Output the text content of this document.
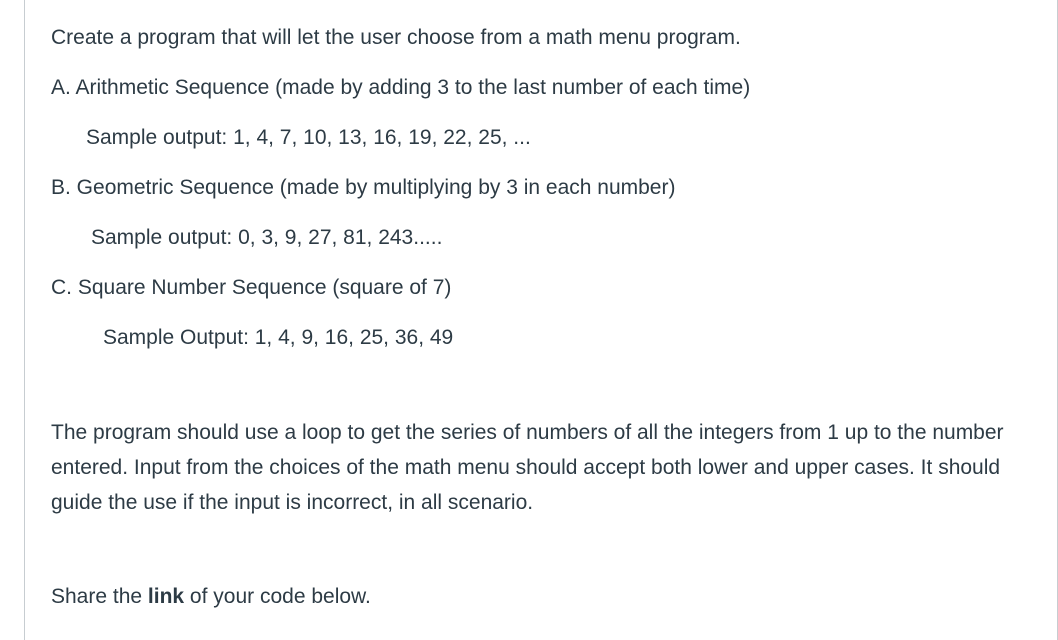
Create a program that will let the user choose from a math menu program.
A. Arithmetic Sequence (made by adding 3 to the last number of each time)
Sample output: 1, 4, 7, 10, 13, 16, 19, 22, 25, ...
B. Geometric Sequence (made by multiplying by 3 in each number)
Sample output: 0, 3, 9, 27, 81, 243.....
C. Square Number Sequence (square of 7)
Sample Output: 1, 4, 9, 16, 25, 36, 49
The program should use a loop to get the series of numbers of all the integers from 1 up to the number entered. Input from the choices of the math menu should accept both lower and upper cases. It should guide the use if the input is incorrect, in all scenario.
Share the link of your code below.
